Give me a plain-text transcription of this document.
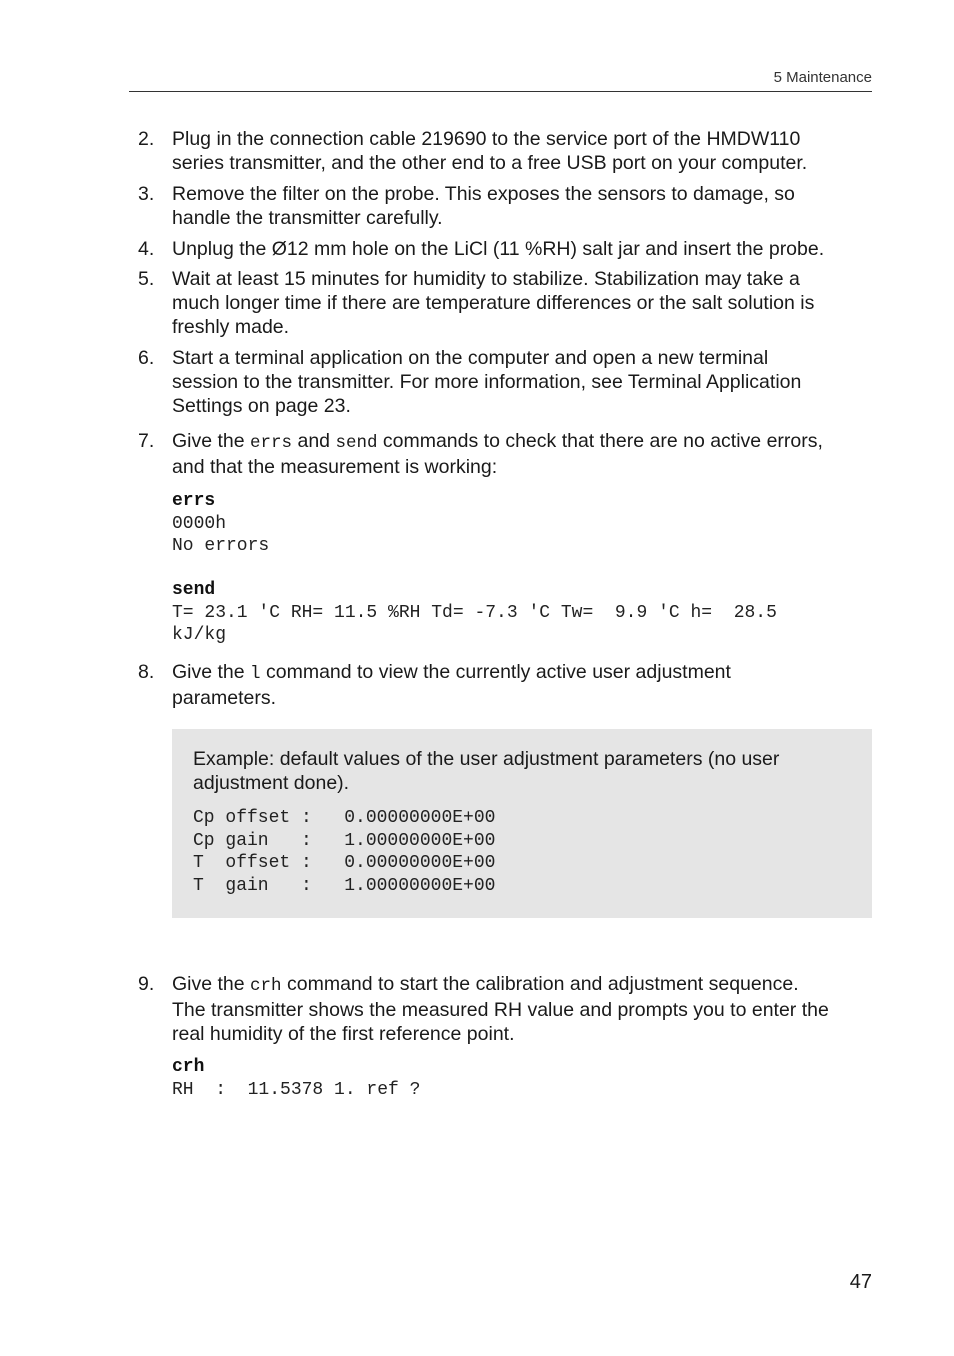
5 Maintenance
2. Plug in the connection cable 219690 to the service port of the HMDW110
series transmitter, and the other end to a free USB port on your computer.
3. Remove the filter on the probe. This exposes the sensors to damage, so
handle the transmitter carefully.
4. Unplug the Ø12 mm hole on the LiCl (11 %RH) salt jar and insert the probe.
5. Wait at least 15 minutes for humidity to stabilize. Stabilization may take a
much longer time if there are temperature differences or the salt solution is
freshly made.
6. Start a terminal application on the computer and open a new terminal
session to the transmitter. For more information, see Terminal Application
Settings on page 23.
7. Give the errs and send commands to check that there are no active errors,
and that the measurement is working:
errs
0000h
No errors
send
T= 23.1 'C RH= 11.5 %RH Td= -7.3 'C Tw=  9.9 'C h=  28.5
kJ/kg
8. Give the l command to view the currently active user adjustment
parameters.
Example: default values of the user adjustment parameters (no user
adjustment done).
Cp offset :   0.00000000E+00
Cp gain   :   1.00000000E+00
T  offset :   0.00000000E+00
T  gain   :   1.00000000E+00
9. Give the crh command to start the calibration and adjustment sequence.
The transmitter shows the measured RH value and prompts you to enter the
real humidity of the first reference point.
crh
RH  :  11.5378 1. ref ?
47
